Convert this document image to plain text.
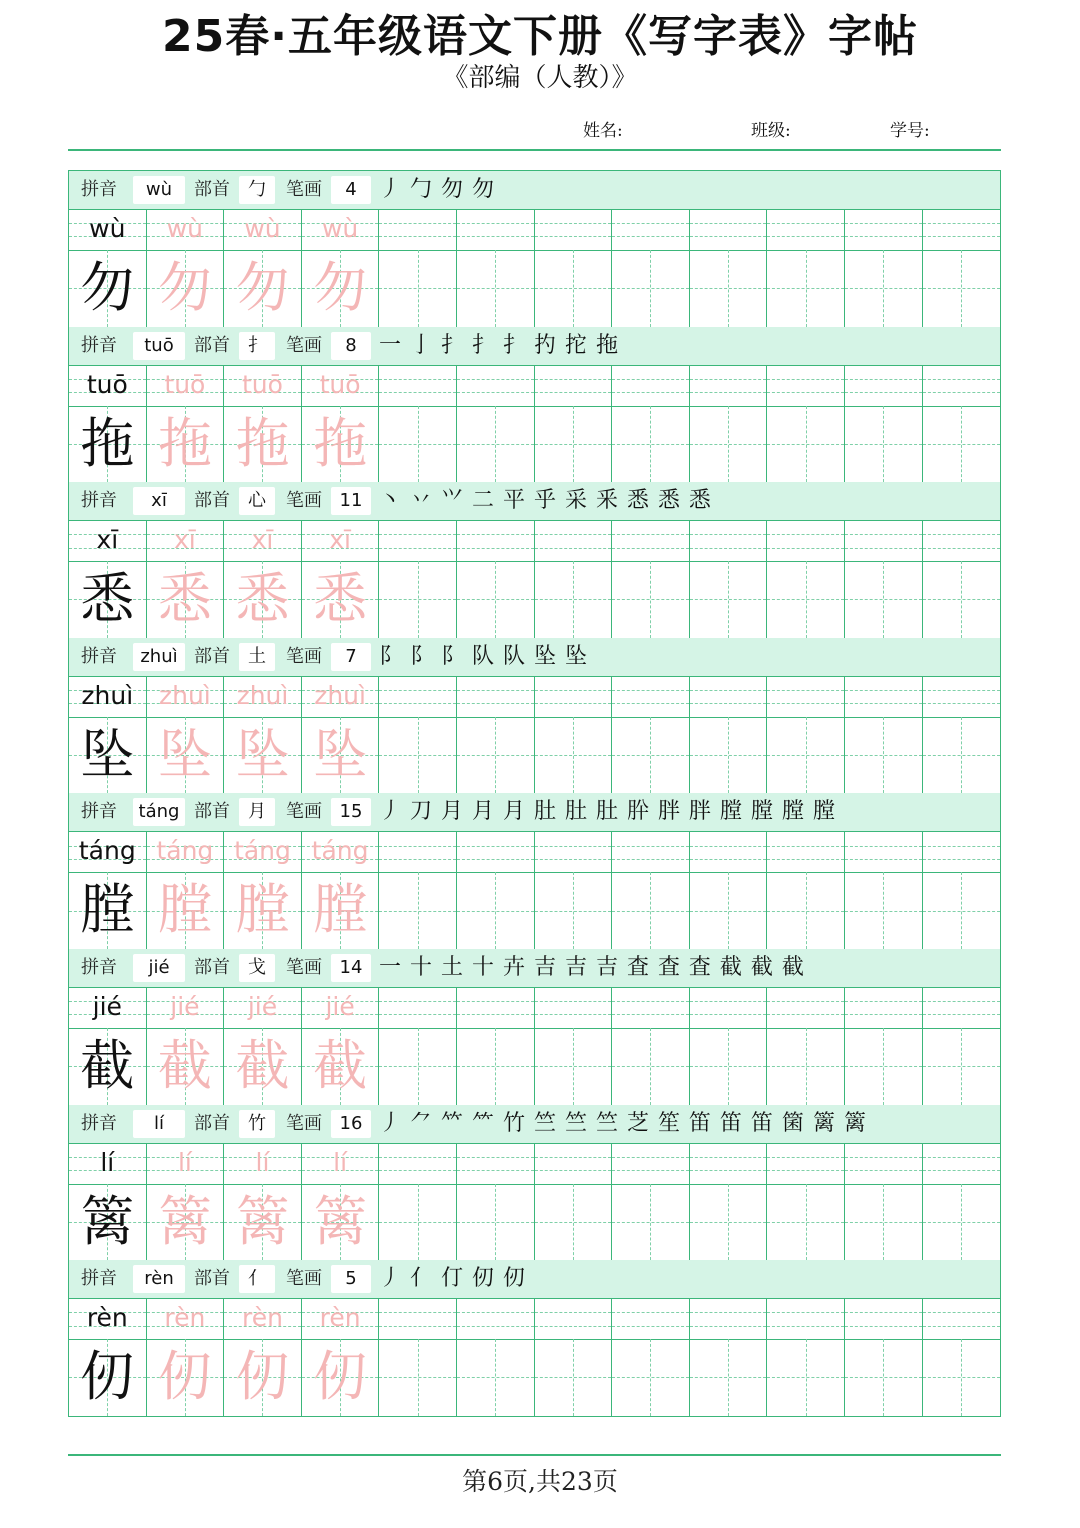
25春·五年级语文下册《写字表》字帖
《部编（人教）》
姓名:	班级:	学号:
拼音	wù	部首	勹	笔画	4	丿 勹 勿 勿
wù	wù	wù	wù
勿 勿 勿 勿
拼音	tuō	部首	扌	笔画	8	一 亅 扌 扌 扌 扚 拕 拖
tuō	tuō	tuō	tuō
拖 拖 拖 拖
拼音	xī	部首	心	笔画 11 丶 丷 ⺍ 二 平 乎 采 釆 悉 悉 悉
xī	xī	xī	xī
悉 悉 悉 悉
拼音	zhuì 部首	土	笔画	7	⻖ 阝 阝 队 队 坠 坠
zhuì	zhuì	zhuì	zhuì
坠 坠 坠 坠
拼音	táng 部首	月	笔画 15 丿 刀 月 月 月 肚 肚 肚 肸 胖 胖 膛 膛 膛 膛
táng táng táng táng
膛 膛 膛 膛
拼音	jié	部首	戈	笔画 14 一 十 土 十 卉 吉 吉 吉 査 査 査 截 截 截
jié	jié	jié	jié
截 截 截 截
拼音	lí	部首	竹	笔画 16 丿 ⺈ 𥫗 ⺮ 竹 竺 竺 竺 芝 笙 笛 笛 笛 箘 篱 篱
lí	lí	lí	lí
篱 篱 篱 篱
拼音	rèn	部首	亻	笔画	5	丿 亻 仃 仞 仞
rèn	rèn	rèn	rèn
仞 仞 仞 仞
第6页,共23页
